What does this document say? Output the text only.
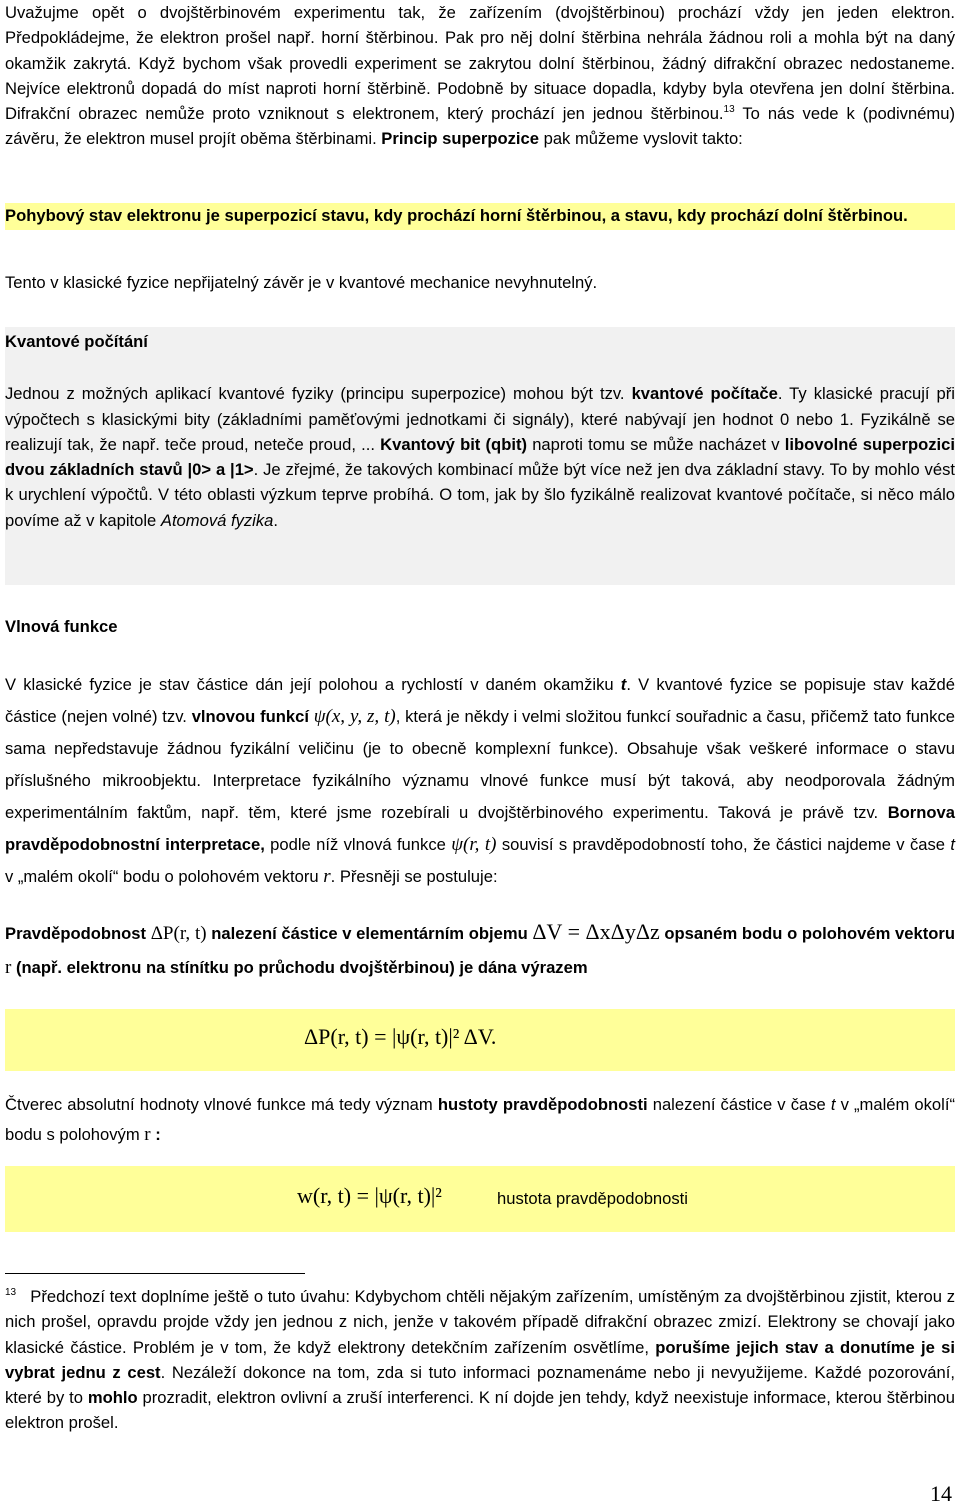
Uvažujme opět o dvojštěrbinovém experimentu tak, že zařízením (dvojštěrbinou) prochází vždy jen jeden elektron. Předpokládejme, že elektron prošel např. horní štěrbinou. Pak pro něj dolní štěrbina nehrála žádnou roli a mohla být na daný okamžik zakrytá. Když bychom však provedli experiment se zakrytou dolní štěrbinou, žádný difrakční obrazec nedostaneme. Nejvíce elektronů dopadá do míst naproti horní štěrbině. Podobně by situace dopadla, kdyby byla otevřena jen dolní štěrbina. Difrakční obrazec nemůže proto vzniknout s elektronem, který prochází jen jednou štěrbinou.$^{13}$ To nás vede k (podivnému) závěru, že elektron musel projít oběma štěrbinami. Princip superpozice pak můžeme vyslovit takto:

Pohybový stav elektronu je superpozicí stavu, kdy prochází horní štěrbinou, a stavu, kdy prochází dolní štěrbinou.

Tento v klasické fyzice nepřijatelný závěr je v kvantové mechanice nevyhnutelný.

Kvantové počítání

Jednou z možných aplikací kvantové fyziky (principu superpozice) mohou být tzv. kvantové počítače. Ty klasické pracují při výpočtech s klasickými bity (základními paměťovými jednotkami či signály), které nabývají jen hodnot 0 nebo 1. Fyzikálně se realizují tak, že např. teče proud, neteče proud, ... Kvantový bit (qbit) naproti tomu se může nacházet v libovolné superpozici dvou základních stavů |0> a |1>. Je zřejmé, že takových kombinací může být více než jen dva základní stavy. To by mohlo vést k urychlení výpočtů. V této oblasti výzkum teprve probíhá. O tom, jak by šlo fyzikálně realizovat kvantové počítače, si něco málo povíme až v kapitole Atomová fyzika.

Vlnová funkce

V klasické fyzice je stav částice dán její polohou a rychlostí v daném okamžiku t. V kvantové fyzice se popisuje stav každé částice (nejen volné) tzv. vlnovou funkcí ψ(x, y, z, t), která je někdy i velmi složitou funkcí souřadnic a času, přičemž tato funkce sama nepředstavuje žádnou fyzikální veličinu (je to obecně komplexní funkce). Obsahuje však veškeré informace o stavu příslušného mikroobjektu. Interpretace fyzikálního významu vlnové funkce musí být taková, aby neodporovala žádným experimentálním faktům, např. těm, které jsme rozebírali u dvojštěrbinového experimentu. Taková je právě tzv. Bornova pravděpodobnostní interpretace, podle níž vlnová funkce ψ(r, t) souvisí s pravděpodobností toho, že částici najdeme v čase t v „malém okolí“ bodu o polohovém vektoru r. Přesněji se postuluje:

Pravděpodobnost ΔP(r, t) nalezení částice v elementárním objemu ΔV = ΔxΔyΔz opsaném bodu o polohovém vektoru r (např. elektronu na stínítku po průchodu dvojštěrbinou) je dána výrazem

ΔP(r, t) = |ψ(r, t)|² ΔV.

Čtverec absolutní hodnoty vlnové funkce má tedy význam hustoty pravděpodobnosti nalezení částice v čase t v „malém okolí“ bodu s polohovým r :

w(r, t) = |ψ(r, t)|²	hustota pravděpodobnosti

$^{13}$ Předchozí text doplníme ještě o tuto úvahu: Kdybychom chtěli nějakým zařízením, umístěným za dvojštěrbinou zjistit, kterou z nich prošel, opravdu projde vždy jen jednou z nich, jenže v takovém případě difrakční obrazec zmizí. Elektrony se chovají jako klasické částice. Problém je v tom, že když elektrony detekčním zařízením osvětlíme, porušíme jejich stav a donutíme je si vybrat jednu z cest. Nezáleží dokonce na tom, zda si tuto informaci poznamenáme nebo ji nevyužijeme. Každé pozorování, které by to mohlo prozradit, elektron ovlivní a zruší interferenci. K ní dojde jen tehdy, když neexistuje informace, kterou štěrbinou elektron prošel.

14
